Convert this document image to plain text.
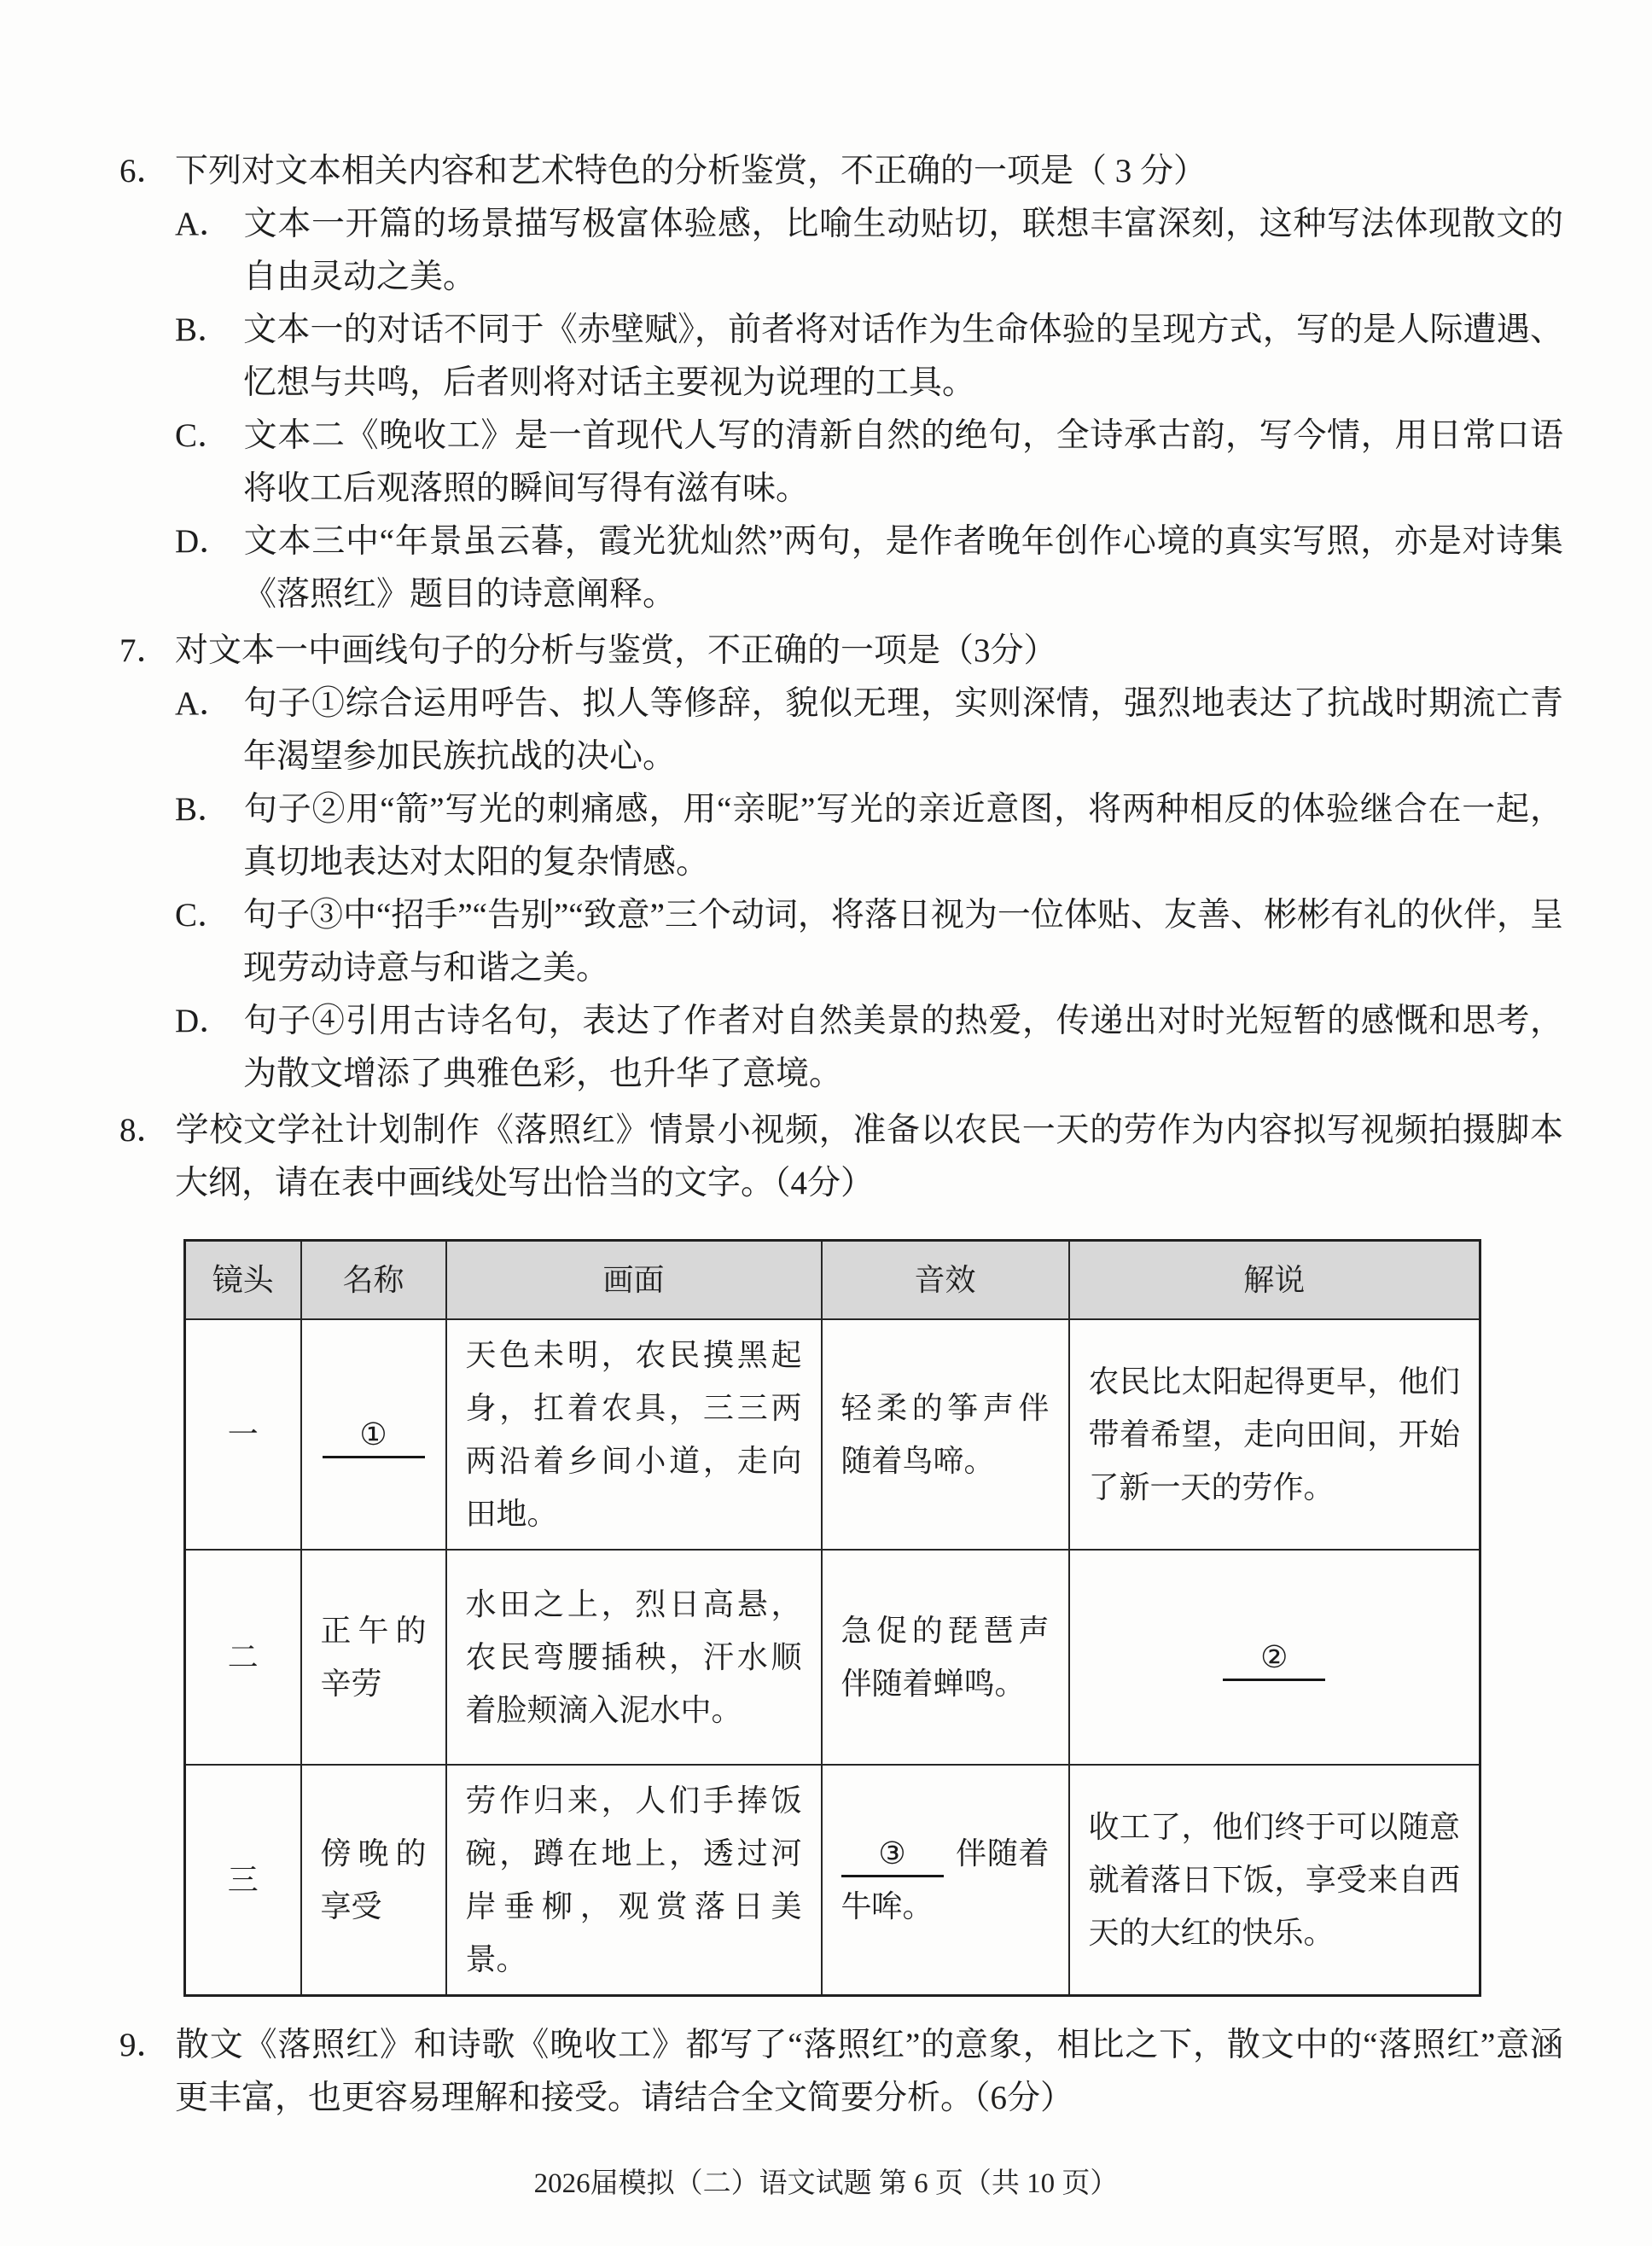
6． 下列对文本相关内容和艺术特色的分析鉴赏，不正确的一项是（ 3 分）

A． 文本一开篇的场景描写极富体验感，比喻生动贴切，联想丰富深刻，这种写法体现散文的自由灵动之美。

B． 文本一的对话不同于《赤壁赋》，前者将对话作为生命体验的呈现方式，写的是人际遭遇、忆想与共鸣，后者则将对话主要视为说理的工具。

C． 文本二《晚收工》是一首现代人写的清新自然的绝句，全诗承古韵，写今情，用日常口语将收工后观落照的瞬间写得有滋有味。

D． 文本三中“年景虽云暮，霞光犹灿然”两句，是作者晚年创作心境的真实写照，亦是对诗集《落照红》题目的诗意阐释。

7． 对文本一中画线句子的分析与鉴赏，不正确的一项是（3分）

A． 句子①综合运用呼告、拟人等修辞，貌似无理，实则深情，强烈地表达了抗战时期流亡青年渴望参加民族抗战的决心。

B． 句子②用“箭”写光的刺痛感，用“亲昵”写光的亲近意图，将两种相反的体验继合在一起，真切地表达对太阳的复杂情感。

C． 句子③中“招手”“告别”“致意”三个动词，将落日视为一位体贴、友善、彬彬有礼的伙伴，呈现劳动诗意与和谐之美。

D． 句子④引用古诗名句，表达了作者对自然美景的热爱，传递出对时光短暂的感慨和思考，为散文增添了典雅色彩，也升华了意境。

8． 学校文学社计划制作《落照红》情景小视频，准备以农民一天的劳作为内容拟写视频拍摄脚本大纲，请在表中画线处写出恰当的文字。（4分）

镜头	名称	画面	音效	解说
一	①	天色未明，农民摸黑起身，扛着农具，三三两两沿着乡间小道，走向田地。	轻柔的筝声伴随着鸟啼。	农民比太阳起得更早，他们带着希望，走向田间，开始了新一天的劳作。
二	正午的辛劳	水田之上，烈日高悬，农民弯腰插秧，汗水顺着脸颊滴入泥水中。	急促的琵琶声伴随着蝉鸣。	②
三	傍晚的享受	劳作归来，人们手捧饭碗，蹲在地上，透过河岸垂柳，观赏落日美景。	③ 伴随着牛哞。	收工了，他们终于可以随意就着落日下饭，享受来自西天的大红的快乐。

9． 散文《落照红》和诗歌《晚收工》都写了“落照红”的意象，相比之下，散文中的“落照红”意涵更丰富，也更容易理解和接受。请结合全文简要分析。（6分）

2026届模拟（二）语文试题 第 6 页（共 10 页）
